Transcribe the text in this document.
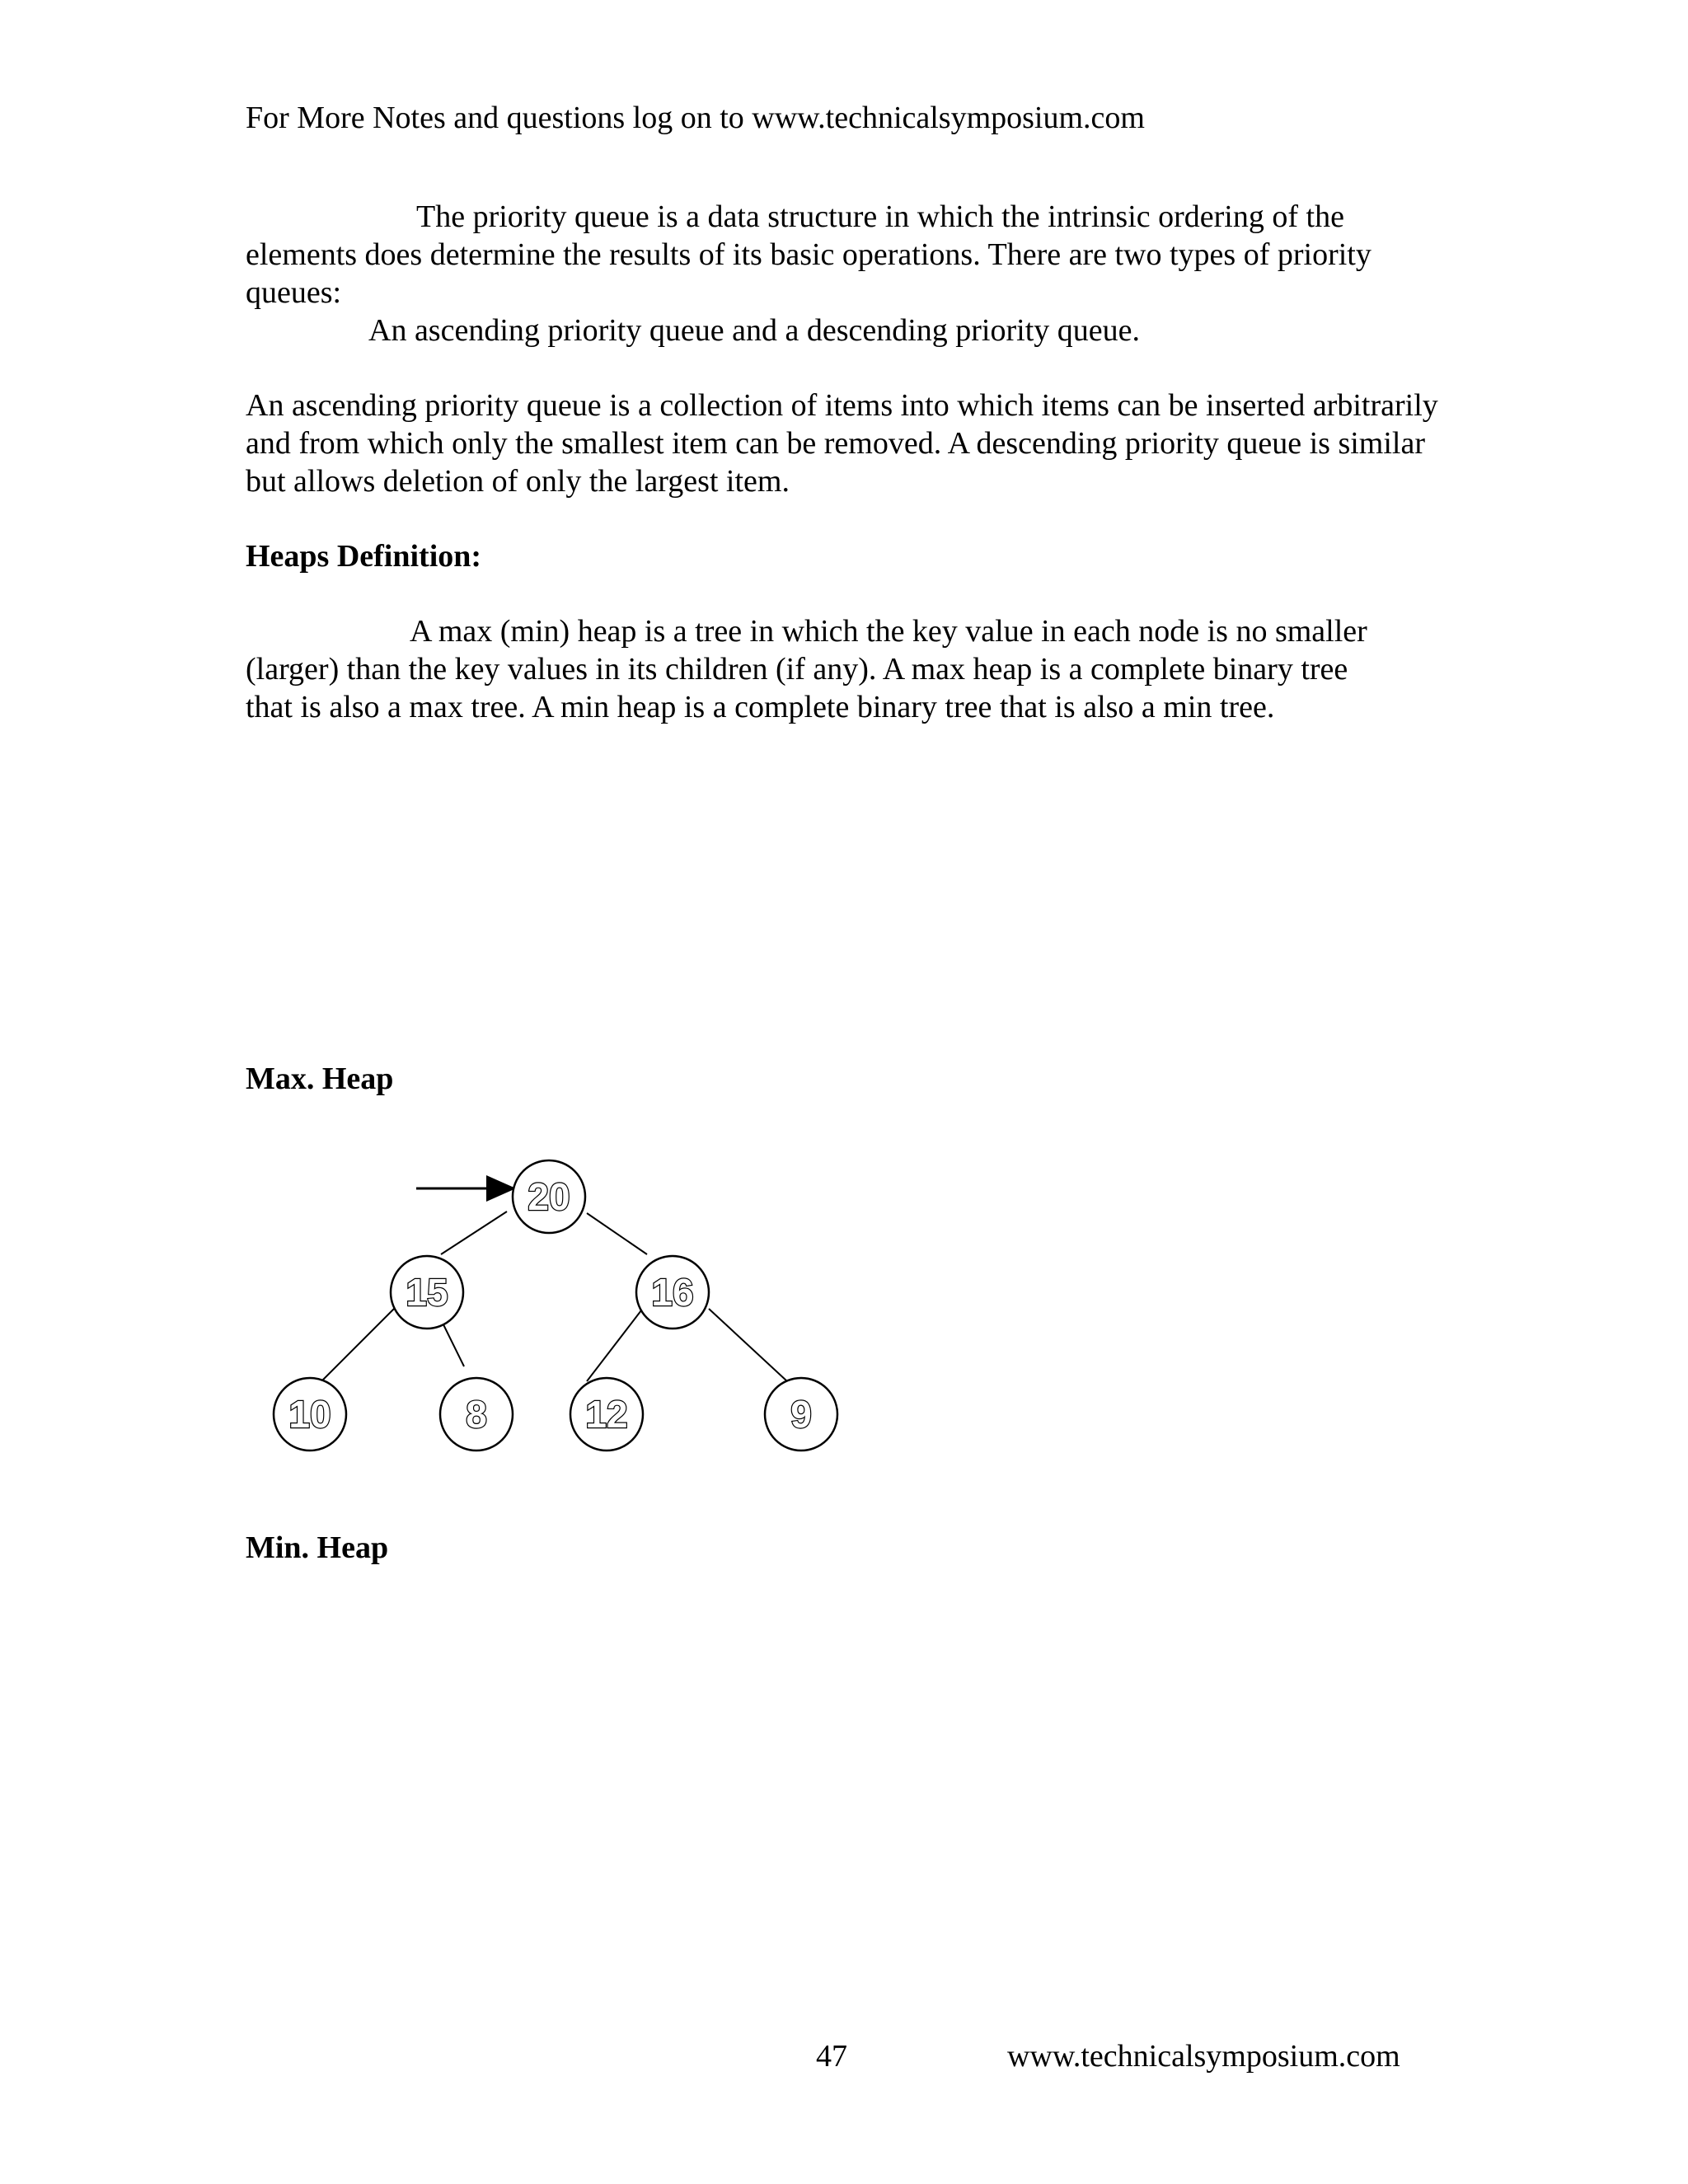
For More Notes and questions log on to www.technicalsymposium.com
The priority queue is a data structure in which the intrinsic ordering of the
elements does determine the results of its basic operations. There are two types of priority
queues:
An ascending priority queue and a descending priority queue.

An ascending priority queue is a collection of items into which items can be inserted arbitrarily and from which only the smallest item can be removed. A descending priority queue is similar but allows deletion of only the largest item.

Heaps Definition:
A max (min) heap is a tree in which the key value in each node is no smaller
(larger) than the key values in its children (if any). A max heap is a complete binary tree
that is also a max tree. A min heap is a complete binary tree that is also a min tree.
Max. Heap
20
15	16
10	8	12	9
Min. Heap
47	www.technicalsymposium.com
